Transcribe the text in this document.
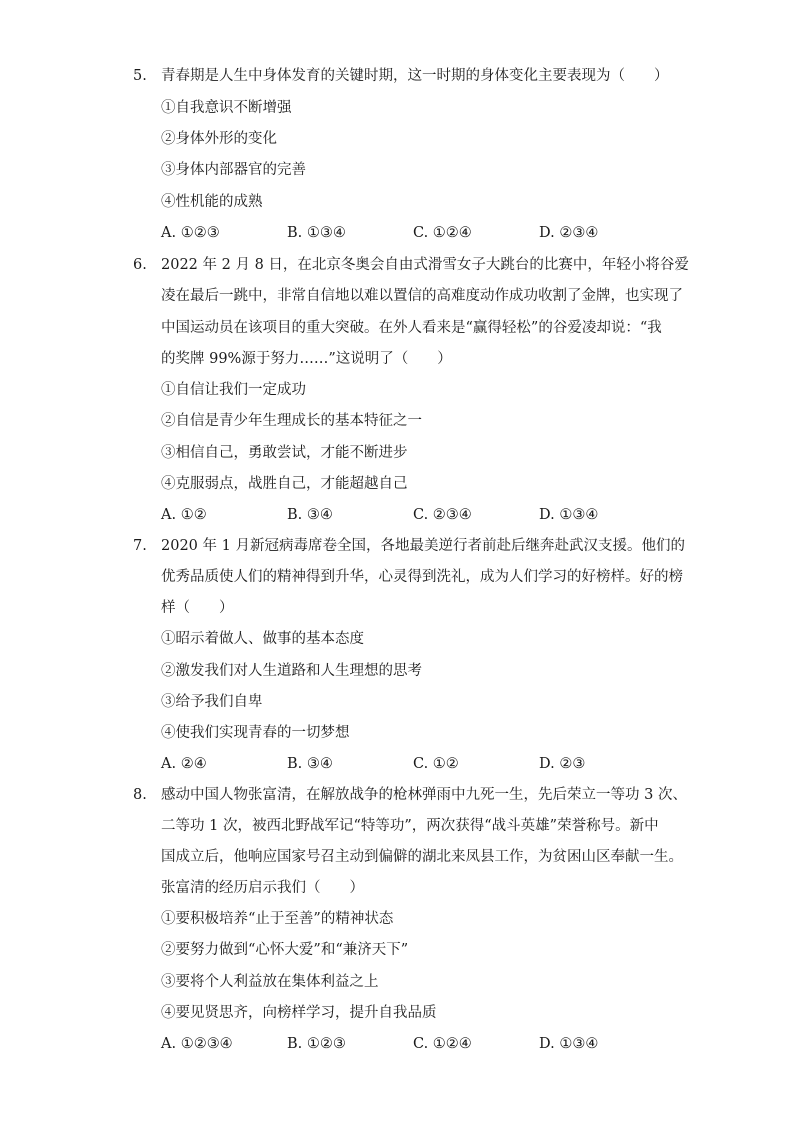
5. 青春期是人生中身体发育的关键时期，这一时期的身体变化主要表现为（　　）
①自我意识不断增强
②身体外形的变化
③身体内部器官的完善
④性机能的成熟
A. ①②③	B. ①③④	C. ①②④	D. ②③④
6. 2022 年 2 月 8 日，在北京冬奥会自由式滑雪女子大跳台的比赛中，年轻小将谷爱
凌在最后一跳中，非常自信地以难以置信的高难度动作成功收割了金牌，也实现了
中国运动员在该项目的重大突破。在外人看来是“赢得轻松”的谷爱凌却说：“我
的奖牌 99%源于努力……”这说明了（　　）
①自信让我们一定成功
②自信是青少年生理成长的基本特征之一
③相信自己，勇敢尝试，才能不断进步
④克服弱点，战胜自己，才能超越自己
A. ①②	B. ③④	C. ②③④	D. ①③④
7. 2020 年 1 月新冠病毒席卷全国，各地最美逆行者前赴后继奔赴武汉支援。他们的
优秀品质使人们的精神得到升华，心灵得到洗礼，成为人们学习的好榜样。好的榜
样（　　）
①昭示着做人、做事的基本态度
②激发我们对人生道路和人生理想的思考
③给予我们自卑
④使我们实现青春的一切梦想
A. ②④	B. ③④	C. ①②	D. ②③
8. 感动中国人物张富清，在解放战争的枪林弹雨中九死一生，先后荣立一等功 3 次、
二等功 1 次，被西北野战军记“特等功”，两次获得“战斗英雄”荣誉称号。新中
国成立后，他响应国家号召主动到偏僻的湖北来凤县工作，为贫困山区奉献一生。
张富清的经历启示我们（　　）
①要积极培养“止于至善”的精神状态
②要努力做到“心怀大爱”和“兼济天下”
③要将个人利益放在集体利益之上
④要见贤思齐，向榜样学习，提升自我品质
A. ①②③④	B. ①②③	C. ①②④	D. ①③④
